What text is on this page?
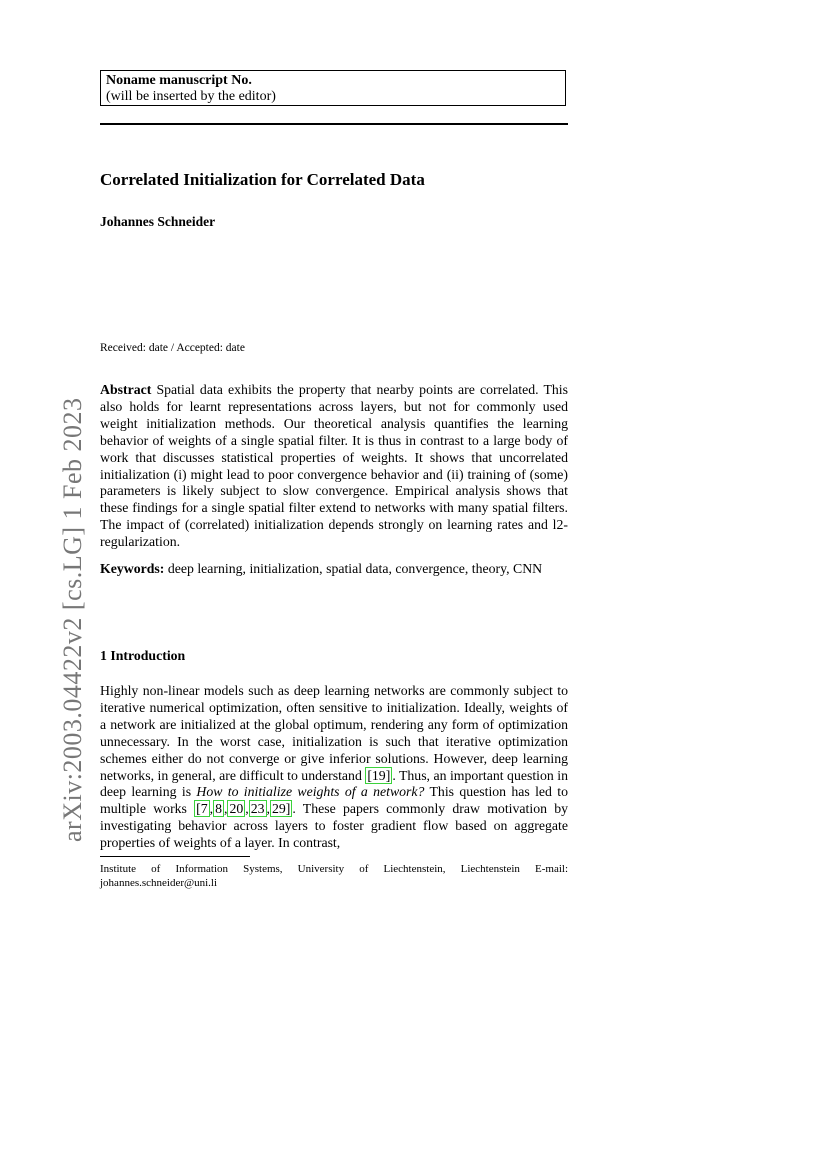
arXiv:2003.04422v2 [cs.LG] 1 Feb 2023
Noname manuscript No.
(will be inserted by the editor)
Correlated Initialization for Correlated Data
Johannes Schneider
Received: date / Accepted: date
Abstract Spatial data exhibits the property that nearby points are correlated. This also holds for learnt representations across layers, but not for commonly used weight initialization methods. Our theoretical analysis quantifies the learning behavior of weights of a single spatial filter. It is thus in contrast to a large body of work that discusses statistical properties of weights. It shows that uncorrelated initialization (i) might lead to poor convergence behavior and (ii) training of (some) parameters is likely subject to slow convergence. Empirical analysis shows that these findings for a single spatial filter extend to networks with many spatial filters. The impact of (correlated) initialization depends strongly on learning rates and l2-regularization.
Keywords: deep learning, initialization, spatial data, convergence, theory, CNN
1 Introduction
Highly non-linear models such as deep learning networks are commonly subject to iterative numerical optimization, often sensitive to initialization. Ideally, weights of a network are initialized at the global optimum, rendering any form of optimization unnecessary. In the worst case, initialization is such that iterative optimization schemes either do not converge or give inferior solutions. However, deep learning networks, in general, are difficult to understand [19] . Thus, an important question in deep learning is How to initialize weights of a network? This question has led to multiple works [7 , 8 , 20 , 23 , 29] . These papers commonly draw motivation by investigating behavior across layers to foster gradient flow based on aggregate properties of weights of a layer. In contrast,
Institute of Information Systems, University of Liechtenstein, Liechtenstein E-mail: johannes.schneider@uni.li
